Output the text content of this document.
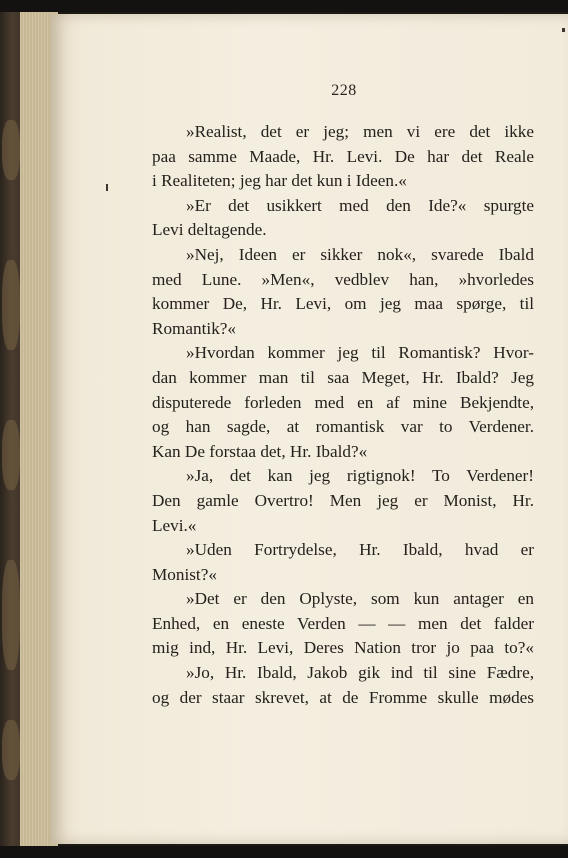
228
»Realist, det er jeg; men vi ere det ikke
paa samme Maade, Hr. Levi. De har det Reale
i Realiteten; jeg har det kun i Ideen.«
»Er det usikkert med den Ide?« spurgte
Levi deltagende.
»Nej, Ideen er sikker nok«, svarede Ibald
med Lune. »Men«, vedblev han, »hvorledes
kommer De, Hr. Levi, om jeg maa spørge, til
Romantik?«
»Hvordan kommer jeg til Romantisk? Hvor-
dan kommer man til saa Meget, Hr. Ibald? Jeg
disputerede forleden med en af mine Bekjendte,
og han sagde, at romantisk var to Verdener.
Kan De forstaa det, Hr. Ibald?«
»Ja, det kan jeg rigtignok! To Verdener!
Den gamle Overtro! Men jeg er Monist, Hr.
Levi.«
»Uden Fortrydelse, Hr. Ibald, hvad er
Monist?«
»Det er den Oplyste, som kun antager en
Enhed, en eneste Verden — — men det falder
mig ind, Hr. Levi, Deres Nation tror jo paa to?«
»Jo, Hr. Ibald, Jakob gik ind til sine Fædre,
og der staar skrevet, at de Fromme skulle mødes
